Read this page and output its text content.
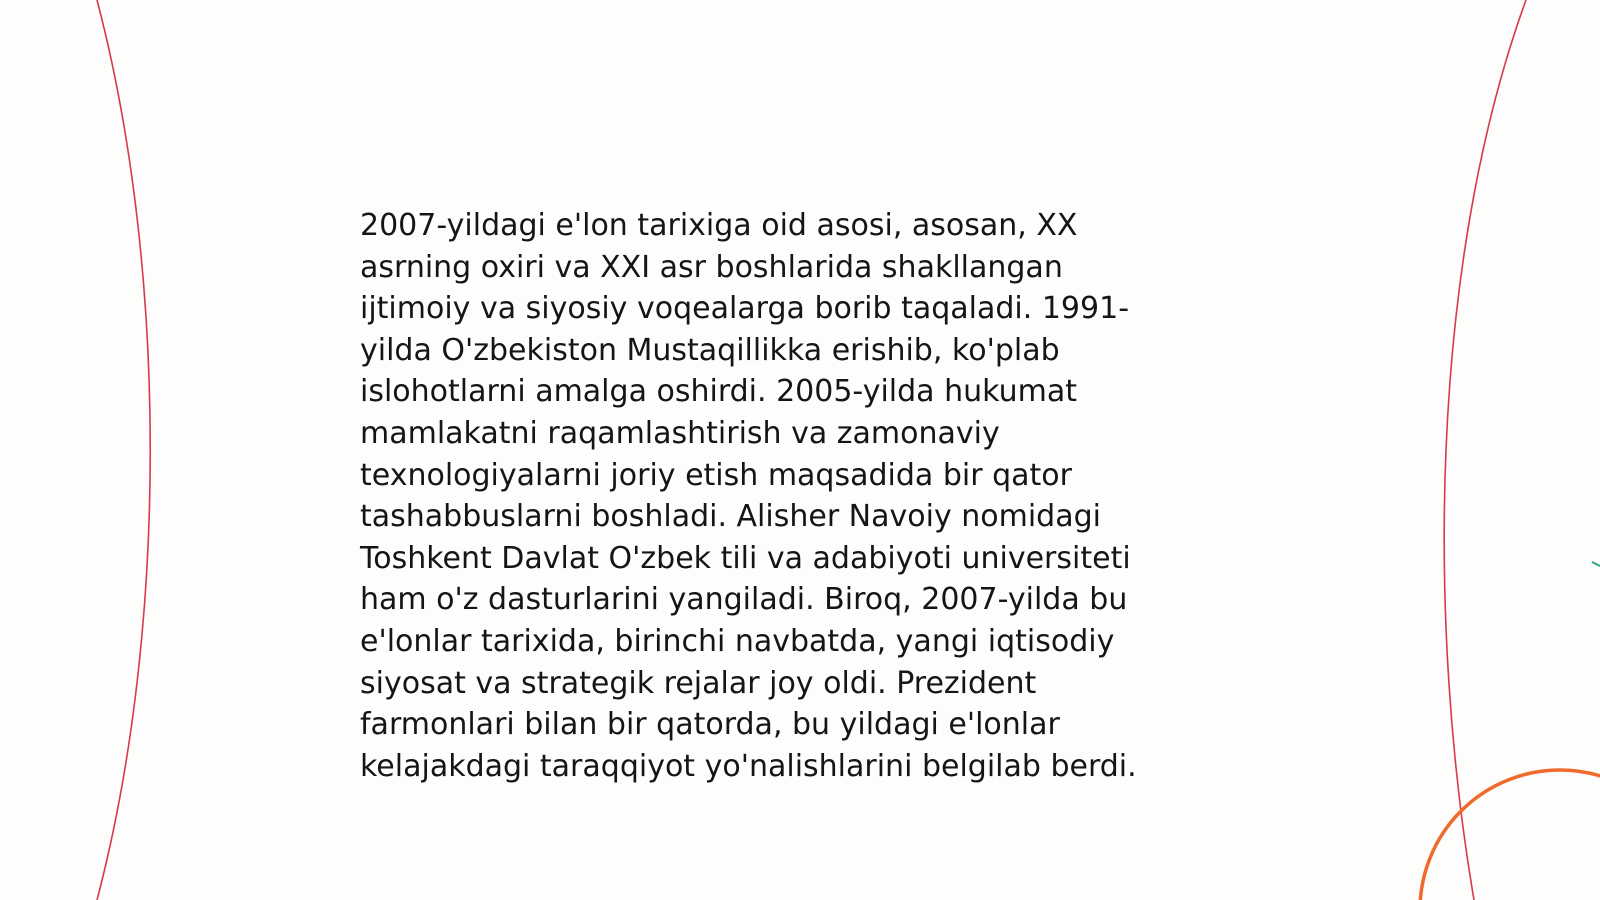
2007-yildagi e'lon tarixiga oid asosi, asosan, XX
asrning oxiri va XXI asr boshlarida shakllangan
ijtimoiy va siyosiy voqealarga borib taqaladi. 1991-
yilda O'zbekiston Mustaqillikka erishib, ko'plab
islohotlarni amalga oshirdi. 2005-yilda hukumat
mamlakatni raqamlashtirish va zamonaviy
texnologiyalarni joriy etish maqsadida bir qator
tashabbuslarni boshladi. Alisher Navoiy nomidagi
Toshkent Davlat O'zbek tili va adabiyoti universiteti
ham o'z dasturlarini yangiladi. Biroq, 2007-yilda bu
e'lonlar tarixida, birinchi navbatda, yangi iqtisodiy
siyosat va strategik rejalar joy oldi. Prezident
farmonlari bilan bir qatorda, bu yildagi e'lonlar
kelajakdagi taraqqiyot yo'nalishlarini belgilab berdi.
